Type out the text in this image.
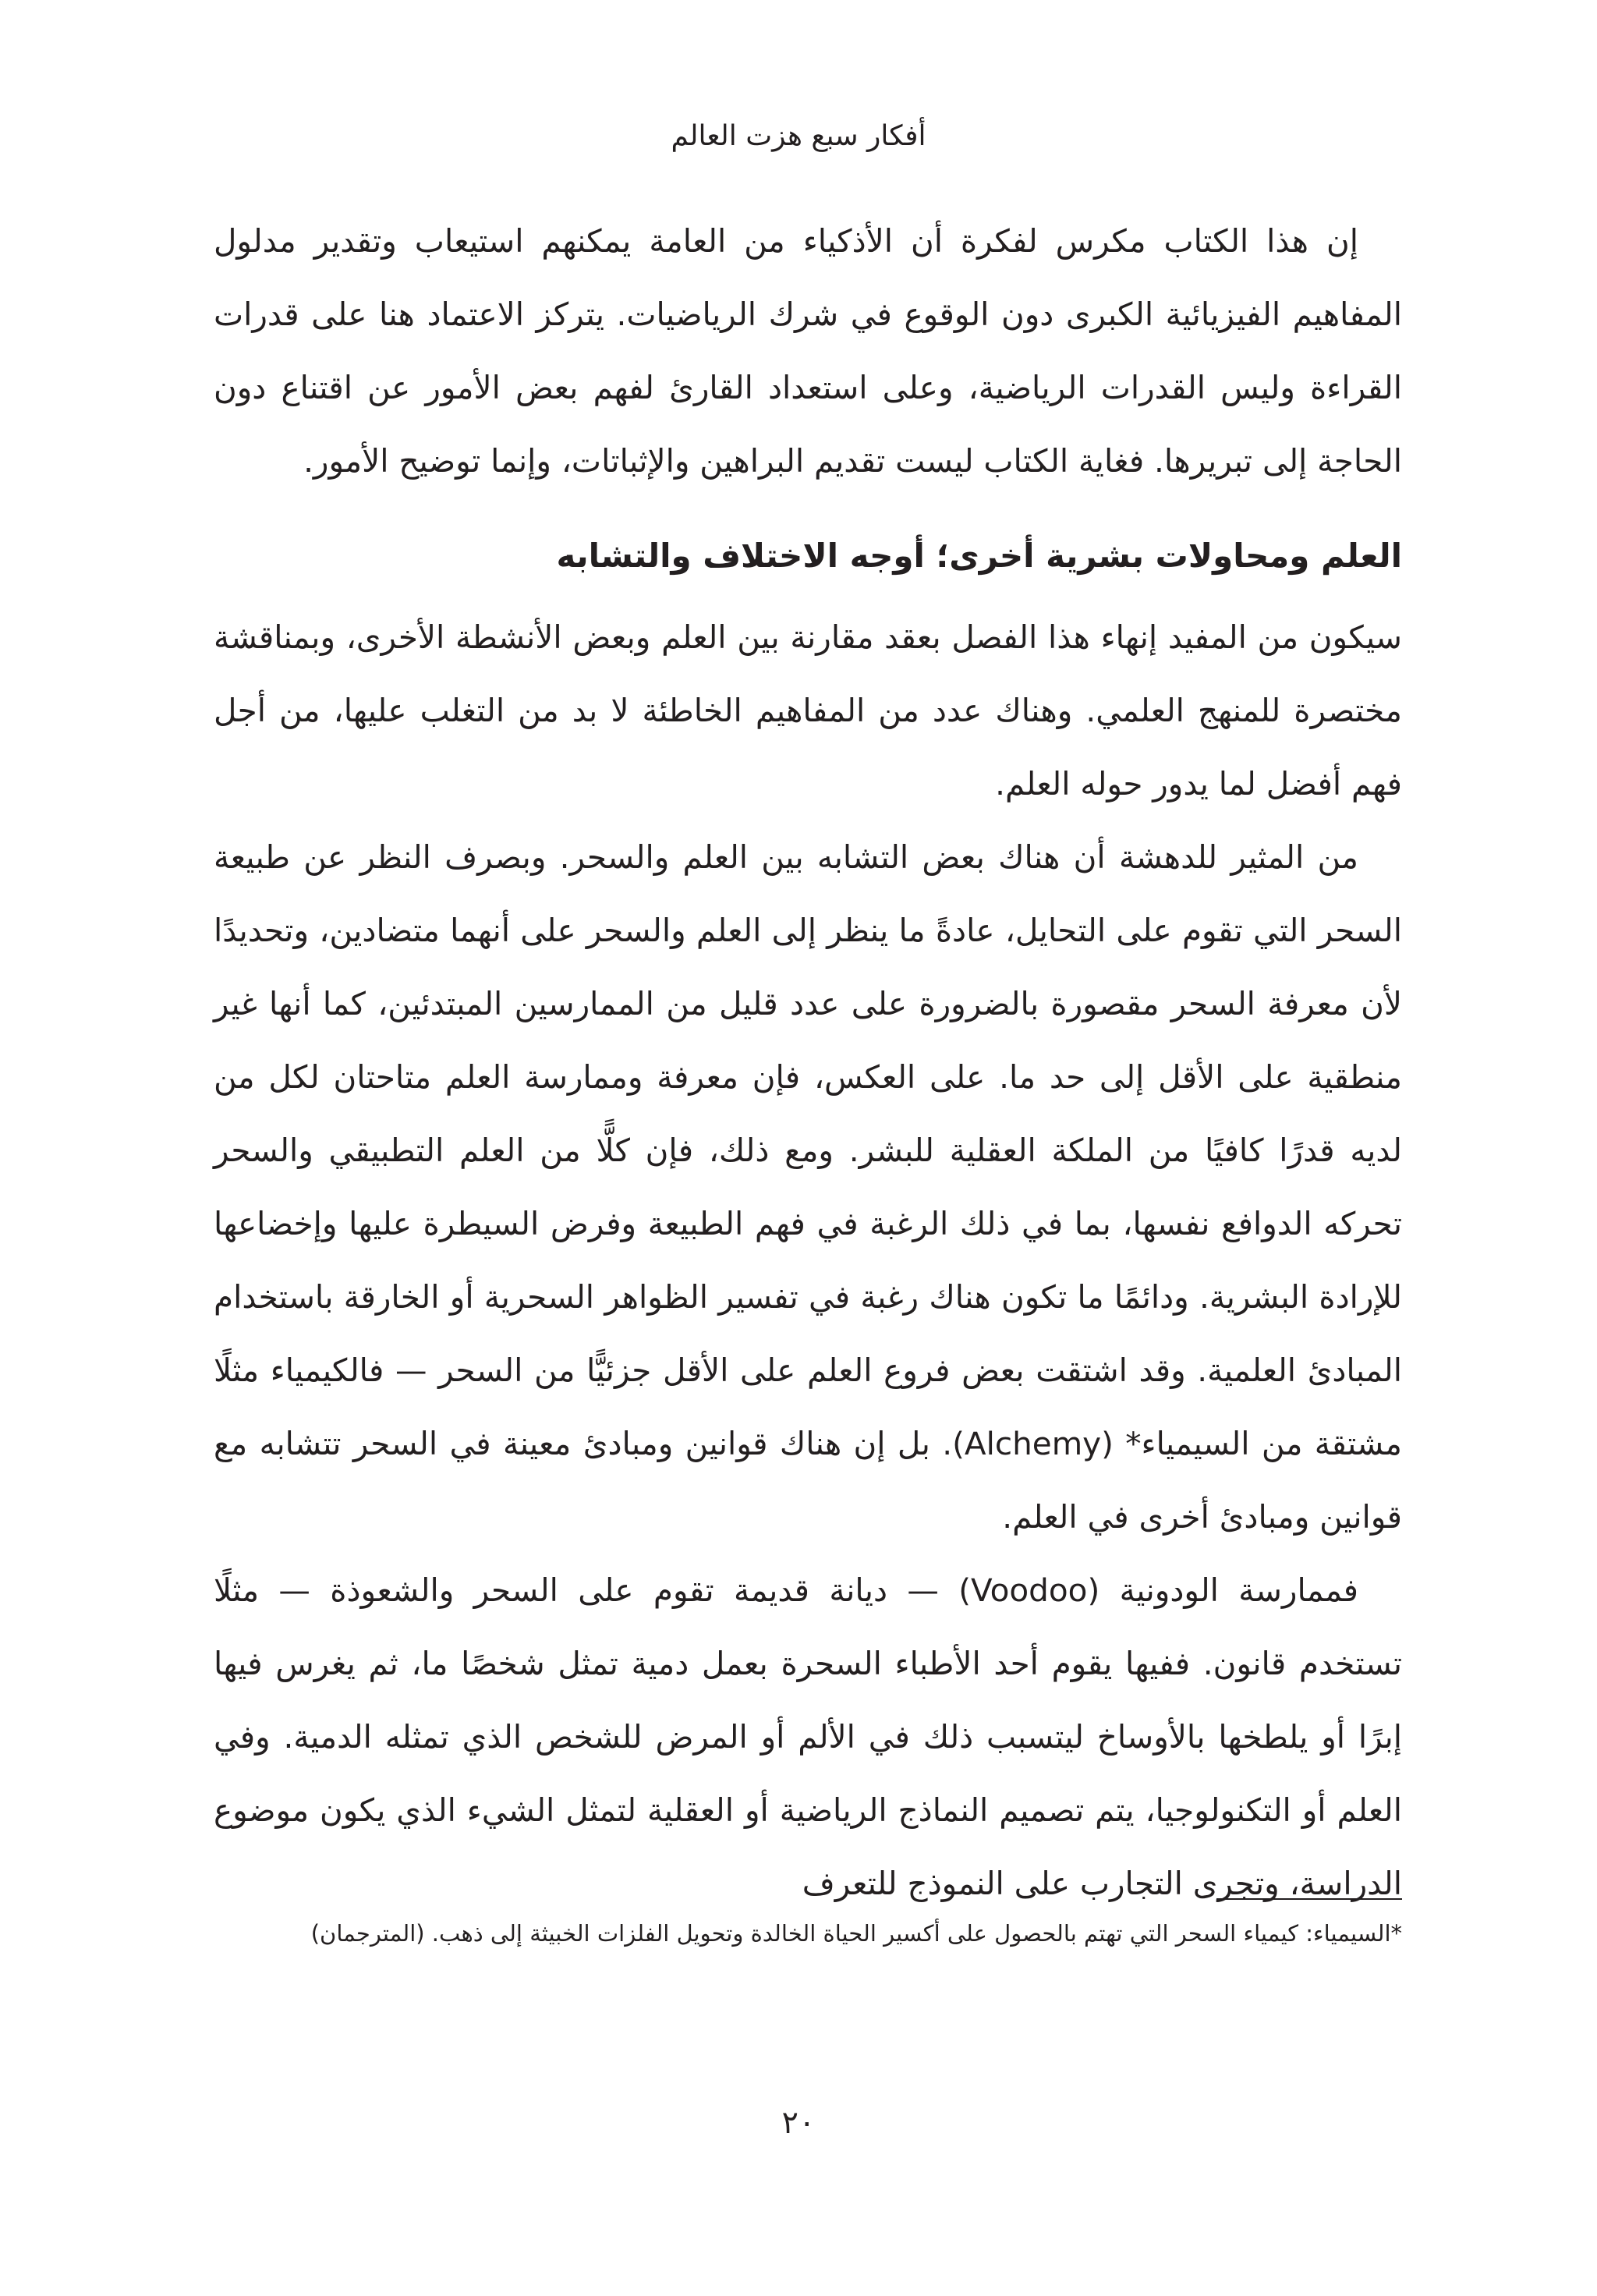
أفكار سبع هزت العالم

إن هذا الكتاب مكرس لفكرة أن الأذكياء من العامة يمكنهم استيعاب وتقدير مدلول المفاهيم الفيزيائية الكبرى دون الوقوع في شرك الرياضيات. يتركز الاعتماد هنا على قدرات القراءة وليس القدرات الرياضية، وعلى استعداد القارئ لفهم بعض الأمور عن اقتناع دون الحاجة إلى تبريرها. فغاية الكتاب ليست تقديم البراهين والإثباتات، وإنما توضيح الأمور.

العلم ومحاولات بشرية أخرى؛ أوجه الاختلاف والتشابه

سيكون من المفيد إنهاء هذا الفصل بعقد مقارنة بين العلم وبعض الأنشطة الأخرى، وبمناقشة مختصرة للمنهج العلمي. وهناك عدد من المفاهيم الخاطئة لا بد من التغلب عليها، من أجل فهم أفضل لما يدور حوله العلم.

من المثير للدهشة أن هناك بعض التشابه بين العلم والسحر. وبصرف النظر عن طبيعة السحر التي تقوم على التحايل، عادةً ما ينظر إلى العلم والسحر على أنهما متضادين، وتحديدًا لأن معرفة السحر مقصورة بالضرورة على عدد قليل من الممارسين المبتدئين، كما أنها غير منطقية على الأقل إلى حد ما. على العكس، فإن معرفة وممارسة العلم متاحتان لكل من لديه قدرًا كافيًا من الملكة العقلية للبشر. ومع ذلك، فإن كلًّا من العلم التطبيقي والسحر تحركه الدوافع نفسها، بما في ذلك الرغبة في فهم الطبيعة وفرض السيطرة عليها وإخضاعها للإرادة البشرية. ودائمًا ما تكون هناك رغبة في تفسير الظواهر السحرية أو الخارقة باستخدام المبادئ العلمية. وقد اشتقت بعض فروع العلم على الأقل جزئيًّا من السحر — فالكيمياء مثلًا مشتقة من السيمياء* (Alchemy). بل إن هناك قوانين ومبادئ معينة في السحر تتشابه مع قوانين ومبادئ أخرى في العلم.

فممارسة الودونية (Voodoo) — ديانة قديمة تقوم على السحر والشعوذة — مثلًا تستخدم قانون. ففيها يقوم أحد الأطباء السحرة بعمل دمية تمثل شخصًا ما، ثم يغرس فيها إبرًا أو يلطخها بالأوساخ ليتسبب ذلك في الألم أو المرض للشخص الذي تمثله الدمية. وفي العلم أو التكنولوجيا، يتم تصميم النماذج الرياضية أو العقلية لتمثل الشيء الذي يكون موضوع الدراسة، وتجرى التجارب على النموذج للتعرف

*السيمياء: كيمياء السحر التي تهتم بالحصول على أكسير الحياة الخالدة وتحويل الفلزات الخبيثة إلى ذهب. (المترجمان)
٢٠
